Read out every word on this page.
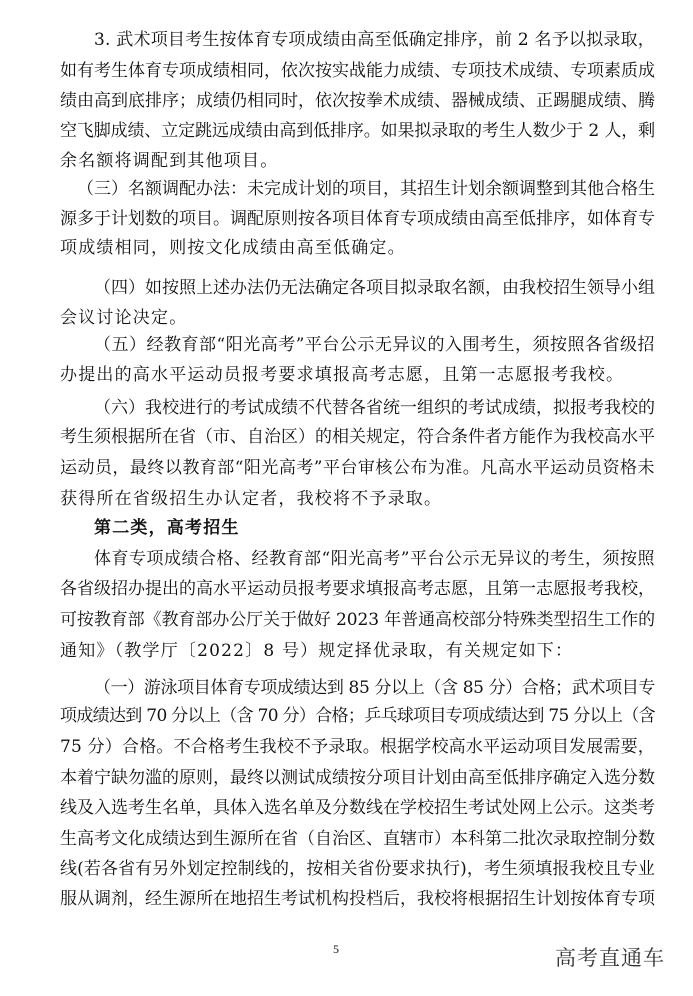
3. 武术项目考生按体育专项成绩由高至低确定排序，前 2 名予以拟录取，
如有考生体育专项成绩相同，依次按实战能力成绩、专项技术成绩、专项素质成
绩由高到底排序；成绩仍相同时，依次按拳术成绩、器械成绩、正踢腿成绩、腾
空飞脚成绩、立定跳远成绩由高到低排序。如果拟录取的考生人数少于 2 人，剩
余名额将调配到其他项目。
（三）名额调配办法：未完成计划的项目，其招生计划余额调整到其他合格生
源多于计划数的项目。调配原则按各项目体育专项成绩由高至低排序，如体育专
项成绩相同，则按文化成绩由高至低确定。
（四）如按照上述办法仍无法确定各项目拟录取名额，由我校招生领导小组
会议讨论决定。
（五）经教育部“阳光高考”平台公示无异议的入围考生，须按照各省级招
办提出的高水平运动员报考要求填报高考志愿，且第一志愿报考我校。
（六）我校进行的考试成绩不代替各省统一组织的考试成绩，拟报考我校的
考生须根据所在省（市、自治区）的相关规定，符合条件者方能作为我校高水平
运动员，最终以教育部“阳光高考”平台审核公布为准。凡高水平运动员资格未
获得所在省级招生办认定者，我校将不予录取。
第二类，高考招生
体育专项成绩合格、经教育部“阳光高考”平台公示无异议的考生，须按照
各省级招办提出的高水平运动员报考要求填报高考志愿，且第一志愿报考我校，
可按教育部《教育部办公厅关于做好 2023 年普通高校部分特殊类型招生工作的
通知》（教学厅〔2022〕8 号）规定择优录取，有关规定如下：
（一）游泳项目体育专项成绩达到 85 分以上（含 85 分）合格；武术项目专
项成绩达到 70 分以上（含 70 分）合格；乒乓球项目专项成绩达到 75 分以上（含
75 分）合格。不合格考生我校不予录取。根据学校高水平运动项目发展需要，
本着宁缺勿滥的原则，最终以测试成绩按分项目计划由高至低排序确定入选分数
线及入选考生名单，具体入选名单及分数线在学校招生考试处网上公示。这类考
生高考文化成绩达到生源所在省（自治区、直辖市）本科第二批次录取控制分数
线(若各省有另外划定控制线的，按相关省份要求执行)，考生须填报我校且专业
服从调剂，经生源所在地招生考试机构投档后，我校将根据招生计划按体育专项
5	高考直通车
